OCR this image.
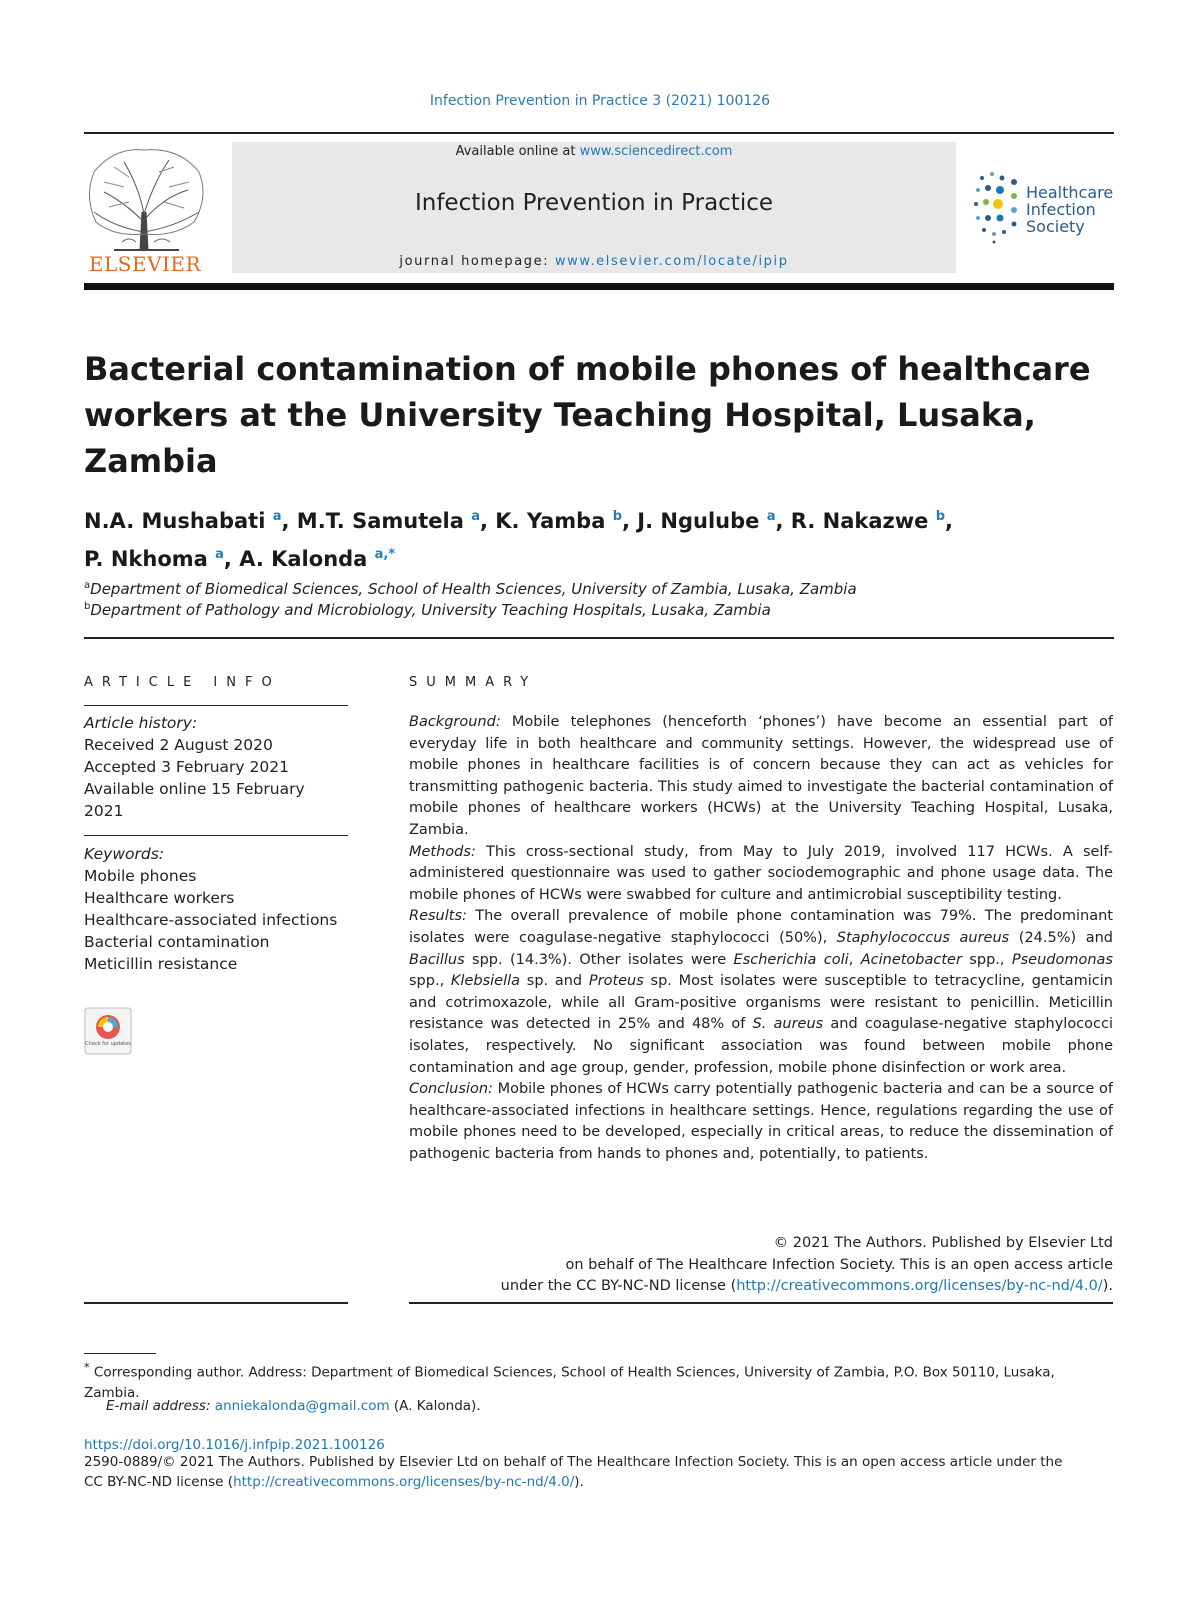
Infection Prevention in Practice 3 (2021) 100126
ELSEVIER
Available online at www.sciencedirect.com
Infection Prevention in Practice
journal homepage: www.elsevier.com/locate/ipip
Healthcare
Infection
Society
Bacterial contamination of mobile phones of healthcare workers at the University Teaching Hospital, Lusaka, Zambia
N.A. Mushabati $^a$, M.T. Samutela $^a$, K. Yamba $^b$, J. Ngulube $^a$, R. Nakazwe $^b$,
P. Nkhoma $^a$, A. Kalonda $^{a,*}$
$^a$Department of Biomedical Sciences, School of Health Sciences, University of Zambia, Lusaka, Zambia
$^b$Department of Pathology and Microbiology, University Teaching Hospitals, Lusaka, Zambia
ARTICLE INFO	SUMMARY
Article history:
Received 2 August 2020
Accepted 3 February 2021
Available online 15 February 2021
Keywords:
Mobile phones
Healthcare workers
Healthcare-associated infections
Bacterial contamination
Meticillin resistance
Check for updates

Background: Mobile telephones (henceforth ‘phones’) have become an essential part of everyday life in both healthcare and community settings. However, the widespread use of mobile phones in healthcare facilities is of concern because they can act as vehicles for transmitting pathogenic bacteria. This study aimed to investigate the bacterial contamination of mobile phones of healthcare workers (HCWs) at the University Teaching Hospital, Lusaka, Zambia.

Methods: This cross-sectional study, from May to July 2019, involved 117 HCWs. A self-administered questionnaire was used to gather sociodemographic and phone usage data. The mobile phones of HCWs were swabbed for culture and antimicrobial susceptibility testing.

Results: The overall prevalence of mobile phone contamination was 79%. The predominant isolates were coagulase-negative staphylococci (50%), Staphylococcus aureus (24.5%) and Bacillus spp. (14.3%). Other isolates were Escherichia coli, Acinetobacter spp., Pseudomonas spp., Klebsiella sp. and Proteus sp. Most isolates were susceptible to tetracycline, gentamicin and cotrimoxazole, while all Gram-positive organisms were resistant to penicillin. Meticillin resistance was detected in 25% and 48% of S. aureus and coagulase-negative staphylococci isolates, respectively. No significant association was found between mobile phone contamination and age group, gender, profession, mobile phone disinfection or work area.

Conclusion: Mobile phones of HCWs carry potentially pathogenic bacteria and can be a source of healthcare-associated infections in healthcare settings. Hence, regulations regarding the use of mobile phones need to be developed, especially in critical areas, to reduce the dissemination of pathogenic bacteria from hands to phones and, potentially, to patients.

© 2021 The Authors. Published by Elsevier Ltd
on behalf of The Healthcare Infection Society. This is an open access article
under the CC BY-NC-ND license (http://creativecommons.org/licenses/by-nc-nd/4.0/).
* Corresponding author. Address: Department of Biomedical Sciences, School of Health Sciences, University of Zambia, P.O. Box 50110, Lusaka, Zambia.
E-mail address: anniekalonda@gmail.com (A. Kalonda).
https://doi.org/10.1016/j.infpip.2021.100126
2590-0889/© 2021 The Authors. Published by Elsevier Ltd on behalf of The Healthcare Infection Society. This is an open access article under the CC BY-NC-ND license (http://creativecommons.org/licenses/by-nc-nd/4.0/).
